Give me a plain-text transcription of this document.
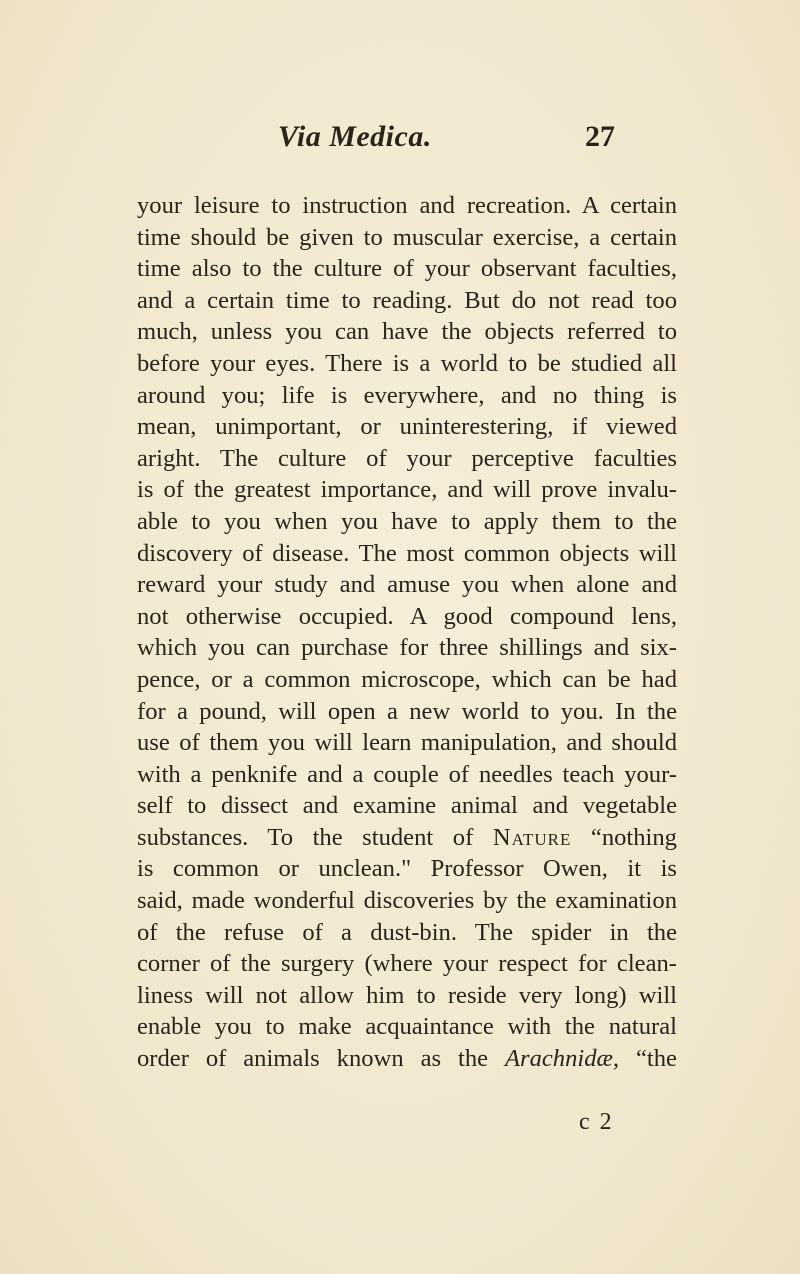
Via Medica.	27
your leisure to instruction and recreation. A certain
time should be given to muscular exercise, a certain
time also to the culture of your observant faculties,
and a certain time to reading. But do not read too
much, unless you can have the objects referred to
before your eyes. There is a world to be studied all
around you; life is everywhere, and no thing is
mean, unimportant, or uninterestering, if viewed
aright. The culture of your perceptive faculties
is of the greatest importance, and will prove invalu-
able to you when you have to apply them to the
discovery of disease. The most common objects will
reward your study and amuse you when alone and
not otherwise occupied. A good compound lens,
which you can purchase for three shillings and six-
pence, or a common microscope, which can be had
for a pound, will open a new world to you. In the
use of them you will learn manipulation, and should
with a penknife and a couple of needles teach your-
self to dissect and examine animal and vegetable
substances. To the student of Nature “nothing
is common or unclean." Professor Owen, it is
said, made wonderful discoveries by the examination
of the refuse of a dust-bin. The spider in the
corner of the surgery (where your respect for clean-
liness will not allow him to reside very long) will
enable you to make acquaintance with the natural
order of animals known as the Arachnidæ, “the
c 2
